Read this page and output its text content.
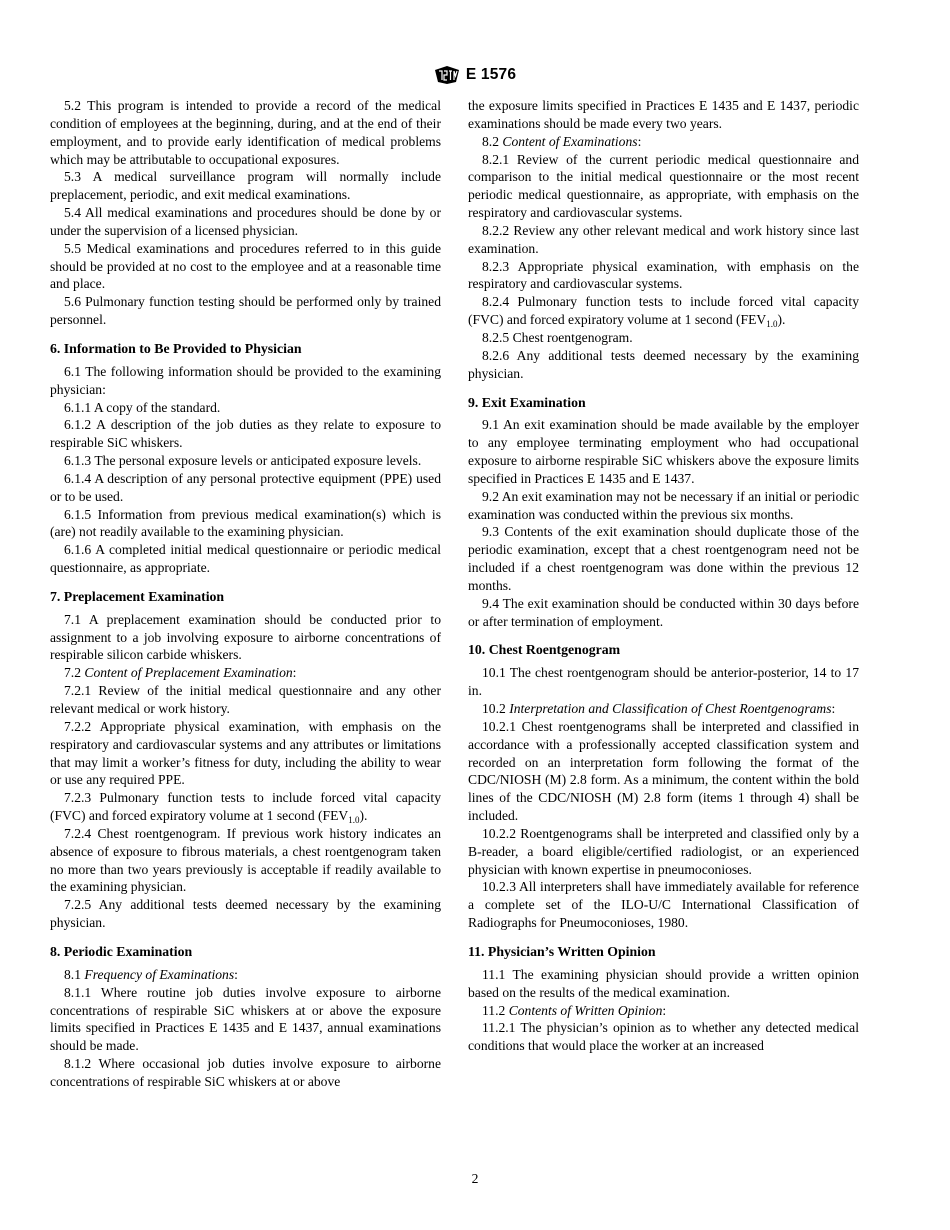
E 1576

5.2 This program is intended to provide a record of the medical condition of employees at the beginning, during, and at the end of their employment, and to provide early identification of medical problems which may be attributable to occupational exposures.

5.3 A medical surveillance program will normally include preplacement, periodic, and exit medical examinations.

5.4 All medical examinations and procedures should be done by or under the supervision of a licensed physician.

5.5 Medical examinations and procedures referred to in this guide should be provided at no cost to the employee and at a reasonable time and place.

5.6 Pulmonary function testing should be performed only by trained personnel.

6. Information to Be Provided to Physician

6.1 The following information should be provided to the examining physician:

6.1.1 A copy of the standard.

6.1.2 A description of the job duties as they relate to exposure to respirable SiC whiskers.

6.1.3 The personal exposure levels or anticipated exposure levels.

6.1.4 A description of any personal protective equipment (PPE) used or to be used.

6.1.5 Information from previous medical examination(s) which is (are) not readily available to the examining physician.

6.1.6 A completed initial medical questionnaire or periodic medical questionnaire, as appropriate.

7. Preplacement Examination

7.1 A preplacement examination should be conducted prior to assignment to a job involving exposure to airborne concentrations of respirable silicon carbide whiskers.

7.2 Content of Preplacement Examination:

7.2.1 Review of the initial medical questionnaire and any other relevant medical or work history.

7.2.2 Appropriate physical examination, with emphasis on the respiratory and cardiovascular systems and any attributes or limitations that may limit a worker’s fitness for duty, including the ability to wear or use any required PPE.

7.2.3 Pulmonary function tests to include forced vital capacity (FVC) and forced expiratory volume at 1 second $(FEV_{1.0})$.

7.2.4 Chest roentgenogram. If previous work history indicates an absence of exposure to fibrous materials, a chest roentgenogram taken no more than two years previously is acceptable if readily available to the examining physician.

7.2.5 Any additional tests deemed necessary by the examining physician.

8. Periodic Examination

8.1 Frequency of Examinations:

8.1.1 Where routine job duties involve exposure to airborne concentrations of respirable SiC whiskers at or above the exposure limits specified in Practices E 1435 and E 1437, annual examinations should be made.

8.1.2 Where occasional job duties involve exposure to airborne concentrations of respirable SiC whiskers at or above

the exposure limits specified in Practices E 1435 and E 1437, periodic examinations should be made every two years.

8.2 Content of Examinations:

8.2.1 Review of the current periodic medical questionnaire and comparison to the initial medical questionnaire or the most recent periodic medical questionnaire, as appropriate, with emphasis on the respiratory and cardiovascular systems.

8.2.2 Review any other relevant medical and work history since last examination.

8.2.3 Appropriate physical examination, with emphasis on the respiratory and cardiovascular systems.

8.2.4 Pulmonary function tests to include forced vital capacity (FVC) and forced expiratory volume at 1 second $(FEV_{1.0})$.

8.2.5 Chest roentgenogram.

8.2.6 Any additional tests deemed necessary by the examining physician.

9. Exit Examination

9.1 An exit examination should be made available by the employer to any employee terminating employment who had occupational exposure to airborne respirable SiC whiskers above the exposure limits specified in Practices E 1435 and E 1437.

9.2 An exit examination may not be necessary if an initial or periodic examination was conducted within the previous six months.

9.3 Contents of the exit examination should duplicate those of the periodic examination, except that a chest roentgenogram need not be included if a chest roentgenogram was done within the previous 12 months.

9.4 The exit examination should be conducted within 30 days before or after termination of employment.

10. Chest Roentgenogram

10.1 The chest roentgenogram should be anterior-posterior, 14 to 17 in.

10.2 Interpretation and Classification of Chest Roentgenograms:

10.2.1 Chest roentgenograms shall be interpreted and classified in accordance with a professionally accepted classification system and recorded on an interpretation form following the format of the CDC/NIOSH (M) 2.8 form. As a minimum, the content within the bold lines of the CDC/NIOSH (M) 2.8 form (items 1 through 4) shall be included.

10.2.2 Roentgenograms shall be interpreted and classified only by a B-reader, a board eligible/certified radiologist, or an experienced physician with known expertise in pneumoconioses.

10.2.3 All interpreters shall have immediately available for reference a complete set of the ILO-U/C International Classification of Radiographs for Pneumoconioses, 1980.

11. Physician’s Written Opinion

11.1 The examining physician should provide a written opinion based on the results of the medical examination.

11.2 Contents of Written Opinion:

11.2.1 The physician’s opinion as to whether any detected medical conditions that would place the worker at an increased

2
